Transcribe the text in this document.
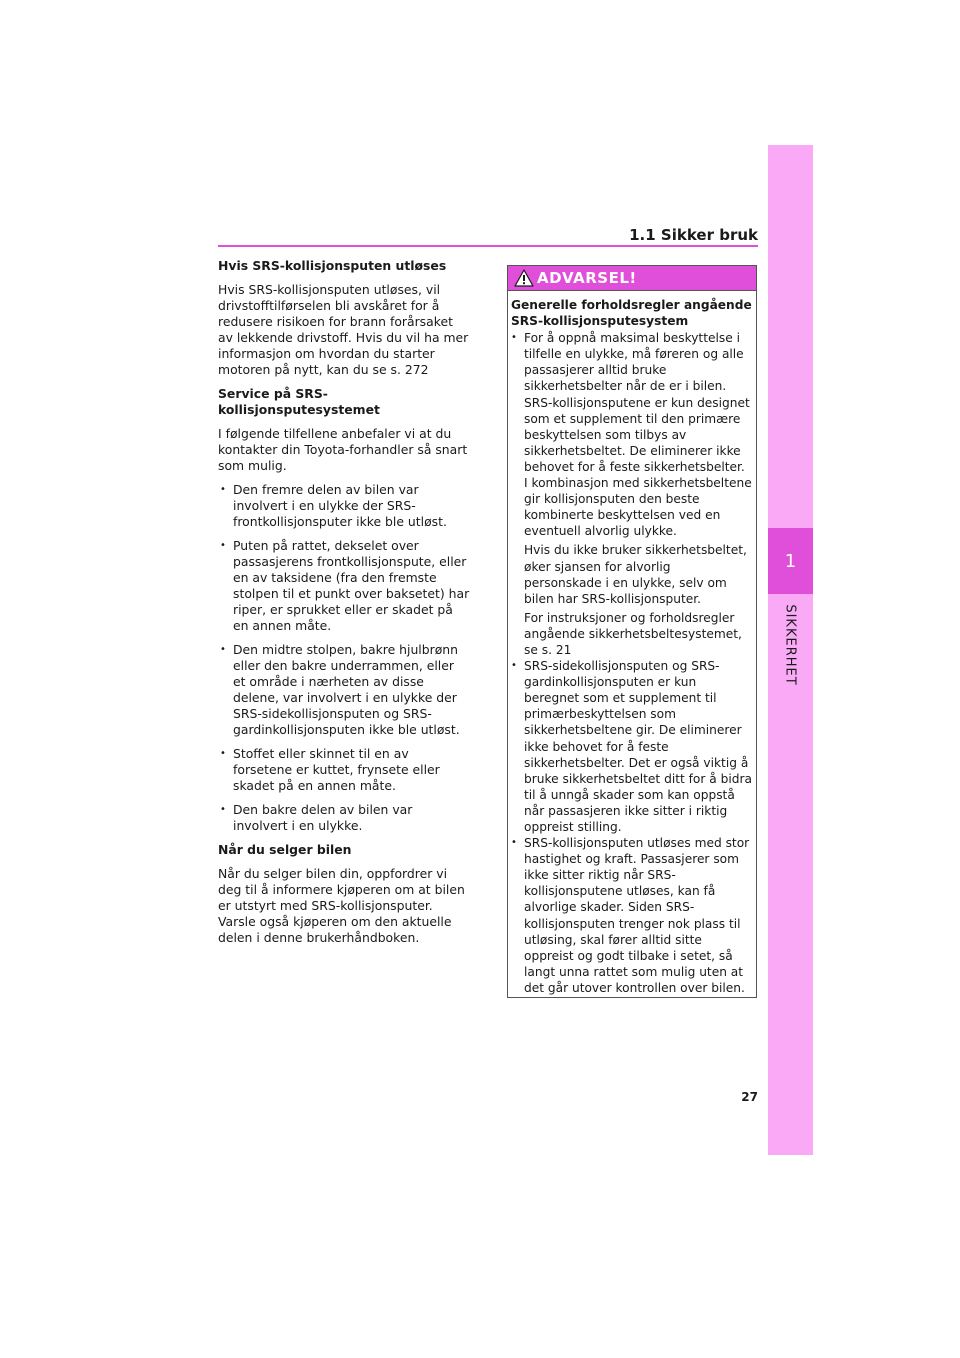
1
SIKKERHET
1.1 Sikker bruk
Hvis SRS-kollisjonsputen utløses

Hvis SRS-kollisjonsputen utløses, vil drivstofftilførselen bli avskåret for å redusere risikoen for brann forårsaket av lekkende drivstoff. Hvis du vil ha mer informasjon om hvordan du starter motoren på nytt, kan du se s. 272

Service på SRS-kollisjonsputesystemet

I følgende tilfellene anbefaler vi at du kontakter din Toyota-forhandler så snart som mulig.

• Den fremre delen av bilen var involvert i en ulykke der SRS-frontkollisjonsputer ikke ble utløst.
• Puten på rattet, dekselet over passasjerens frontkollisjonspute, eller en av taksidene (fra den fremste stolpen til et punkt over baksetet) har riper, er sprukket eller er skadet på en annen måte.
• Den midtre stolpen, bakre hjulbrønn eller den bakre underrammen, eller et område i nærheten av disse delene, var involvert i en ulykke der SRS-sidekollisjonsputen og SRS-gardinkollisjonsputen ikke ble utløst.
• Stoffet eller skinnet til en av forsetene er kuttet, frynsete eller skadet på en annen måte.
• Den bakre delen av bilen var involvert i en ulykke.
Når du selger bilen

Når du selger bilen din, oppfordrer vi deg til å informere kjøperen om at bilen er utstyrt med SRS-kollisjonsputer. Varsle også kjøperen om den aktuelle delen i denne brukerhåndboken.

ADVARSEL!
Generelle forholdsregler angående SRS-kollisjonsputesystem

• For å oppnå maksimal beskyttelse i tilfelle en ulykke, må føreren og alle passasjerer alltid bruke sikkerhetsbelter når de er i bilen. SRS-kollisjonsputene er kun designet som et supplement til den primære beskyttelsen som tilbys av sikkerhetsbeltet. De eliminerer ikke behovet for å feste sikkerhetsbelter. I kombinasjon med sikkerhetsbeltene gir kollisjonsputen den beste kombinerte beskyttelsen ved en eventuell alvorlig ulykke.

Hvis du ikke bruker sikkerhetsbeltet, øker sjansen for alvorlig personskade i en ulykke, selv om bilen har SRS-kollisjonsputer.

For instruksjoner og forholdsregler angående sikkerhetsbeltesystemet, se s. 21

• SRS-sidekollisjonsputen og SRS-gardinkollisjonsputen er kun beregnet som et supplement til primærbeskyttelsen som sikkerhetsbeltene gir. De eliminerer ikke behovet for å feste sikkerhetsbelter. Det er også viktig å bruke sikkerhetsbeltet ditt for å bidra til å unngå skader som kan oppstå når passasjeren ikke sitter i riktig oppreist stilling.

• SRS-kollisjonsputen utløses med stor hastighet og kraft. Passasjerer som ikke sitter riktig når SRS-kollisjonsputene utløses, kan få alvorlige skader. Siden SRS-kollisjonsputen trenger nok plass til utløsing, skal fører alltid sitte oppreist og godt tilbake i setet, så langt unna rattet som mulig uten at det går utover kontrollen over bilen.

27
